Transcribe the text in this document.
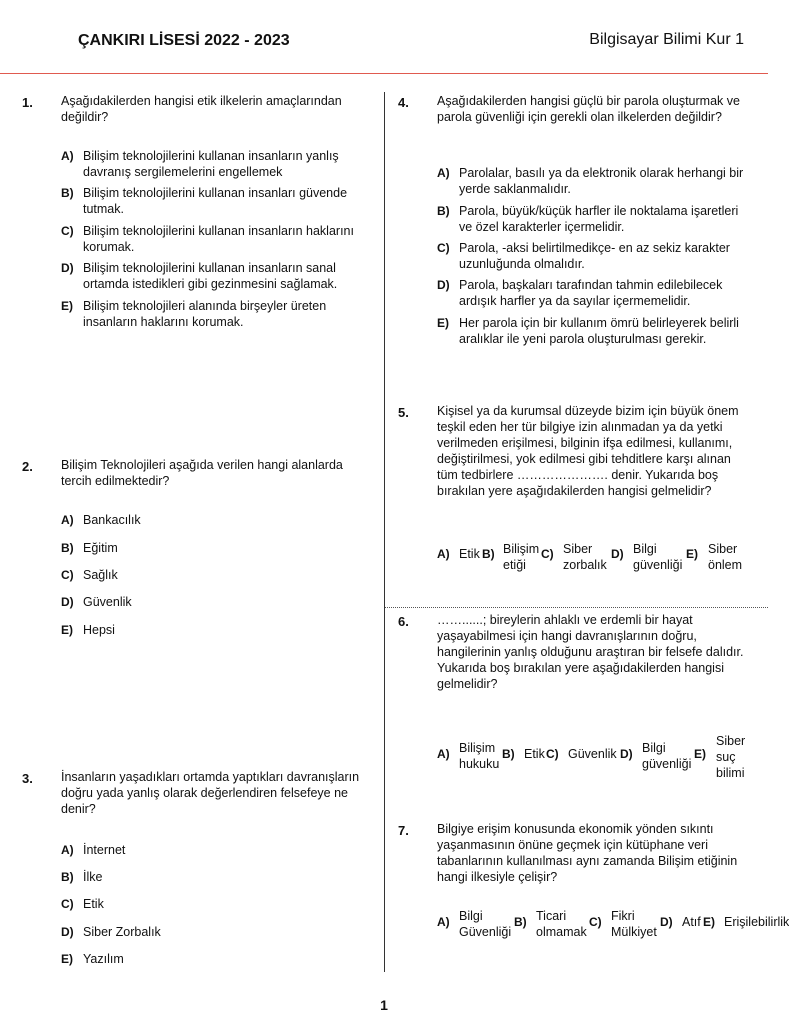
ÇANKIRI LİSESİ 2022 - 2023	Bilgisayar Bilimi Kur 1
1. Aşağıdakilerden hangisi etik ilkelerin amaçlarından değildir?
A) Bilişim teknolojilerini kullanan insanların yanlış davranış sergilemelerini engellemek
B) Bilişim teknolojilerini kullanan insanları güvende tutmak.
C) Bilişim teknolojilerini kullanan insanların haklarını korumak.
D) Bilişim teknolojilerini kullanan insanların sanal ortamda istedikleri gibi gezinmesini sağlamak.
E) Bilişim teknolojileri alanında birşeyler üreten insanların haklarını korumak.
2. Bilişim Teknolojileri aşağıda verilen hangi alanlarda tercih edilmektedir?
A) Bankacılık
B) Eğitim
C) Sağlık
D) Güvenlik
E) Hepsi
3. İnsanların yaşadıkları ortamda yaptıkları davranışların doğru yada yanlış olarak değerlendiren felsefeye ne denir?
A) İnternet
B) İlke
C) Etik
D) Siber Zorbalık
E) Yazılım
4. Aşağıdakilerden hangisi güçlü bir parola oluşturmak ve parola güvenliği için gerekli olan ilkelerden değildir?
A) Parolalar, basılı ya da elektronik olarak herhangi bir yerde saklanmalıdır.
B) Parola, büyük/küçük harfler ile noktalama işaretleri ve özel karakterler içermelidir.
C) Parola, -aksi belirtilmedikçe- en az sekiz karakter uzunluğunda olmalıdır.
D) Parola, başkaları tarafından tahmin edilebilecek ardışık harfler ya da sayılar içermemelidir.
E) Her parola için bir kullanım ömrü belirleyerek belirli aralıklar ile yeni parola oluşturulması gerekir.
5. Kişisel ya da kurumsal düzeyde bizim için büyük önem teşkil eden her tür bilgiye izin alınmadan ya da yetki verilmeden erişilmesi, bilginin ifşa edilmesi, kullanımı, değiştirilmesi, yok edilmesi gibi tehditlere karşı alınan tüm tedbirlere …………………. denir. Yukarıda boş bırakılan yere aşağıdakilerden hangisi gelmelidir?
A) Etik B) Bilişim etiği
C) Siber zorbalık
D) Bilgi güvenliği
E) Siber önlem
6. ……......; bireylerin ahlaklı ve erdemli bir hayat yaşayabilmesi için hangi davranışlarının doğru, hangilerinin yanlış olduğunu araştıran bir felsefe dalıdır. Yukarıda boş bırakılan yere aşağıdakilerden hangisi gelmelidir?
A) Bilişim hukuku
B) Etik C) Güvenlik D) Bilgi güvenliği
E)
Siber suç bilimi
7. Bilgiye erişim konusunda ekonomik yönden sıkıntı yaşanmasının önüne geçmek için kütüphane veri tabanlarının kullanılması aynı zamanda Bilişim etiğinin hangi ilkesiyle çelişir?
A) Bilgi Güvenliği
B) Ticari olmamak
C) Fikri Mülkiyet
D) Atıf E) Erişilebilirlik
1
